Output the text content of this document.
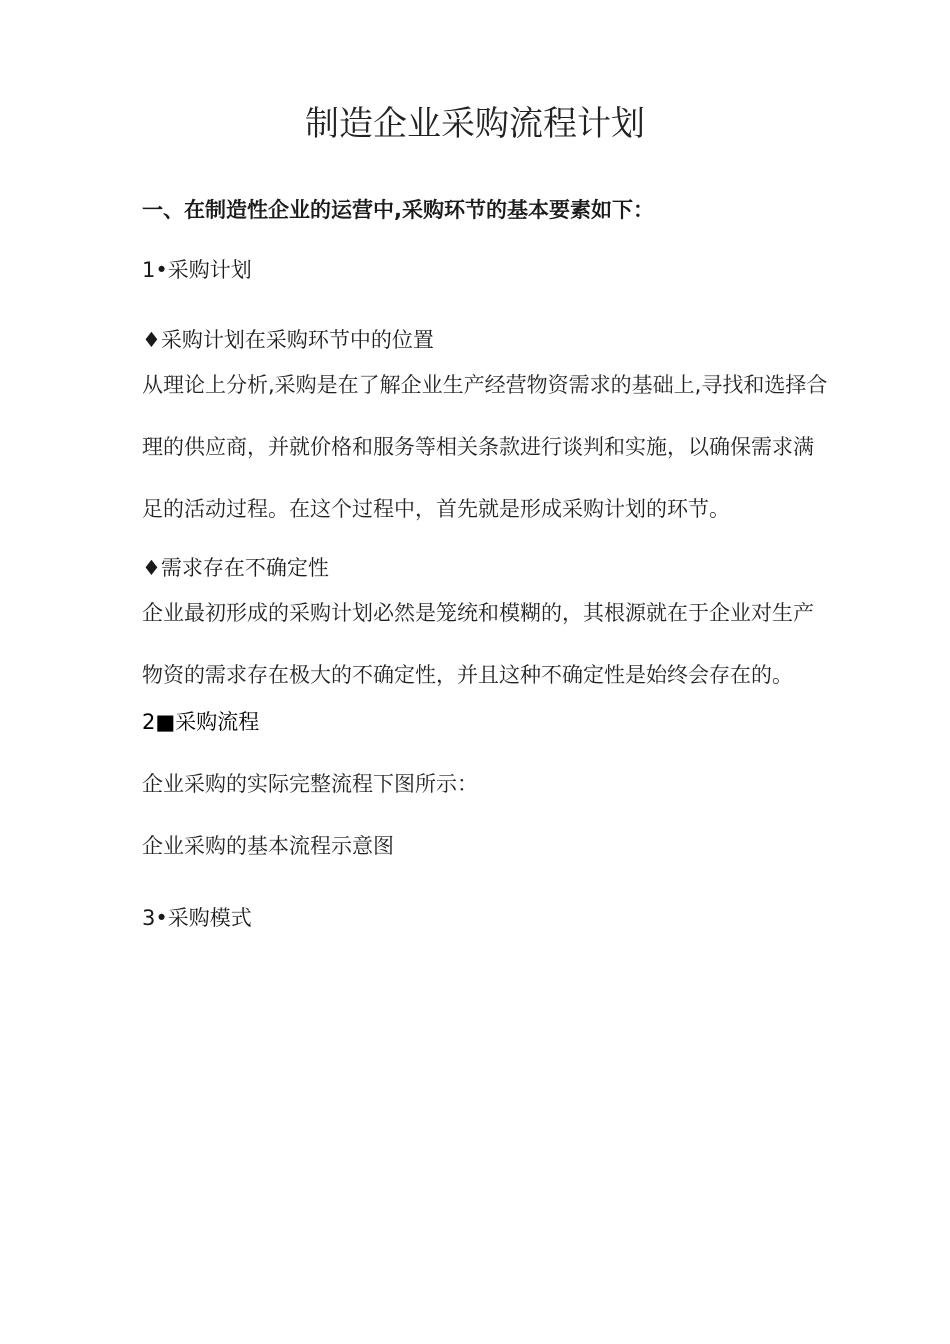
制造企业采购流程计划

一、在制造性企业的运营中,采购环节的基本要素如下：

1•采购计划

♦采购计划在采购环节中的位置

从理论上分析,采购是在了解企业生产经营物资需求的基础上,寻找和选择合理的供应商，并就价格和服务等相关条款进行谈判和实施，以确保需求满足的活动过程。在这个过程中，首先就是形成采购计划的环节。

♦需求存在不确定性

企业最初形成的采购计划必然是笼统和模糊的，其根源就在于企业对生产物资的需求存在极大的不确定性，并且这种不确定性是始终会存在的。

2■采购流程

企业采购的实际完整流程下图所示：

企业采购的基本流程示意图

3•采购模式
